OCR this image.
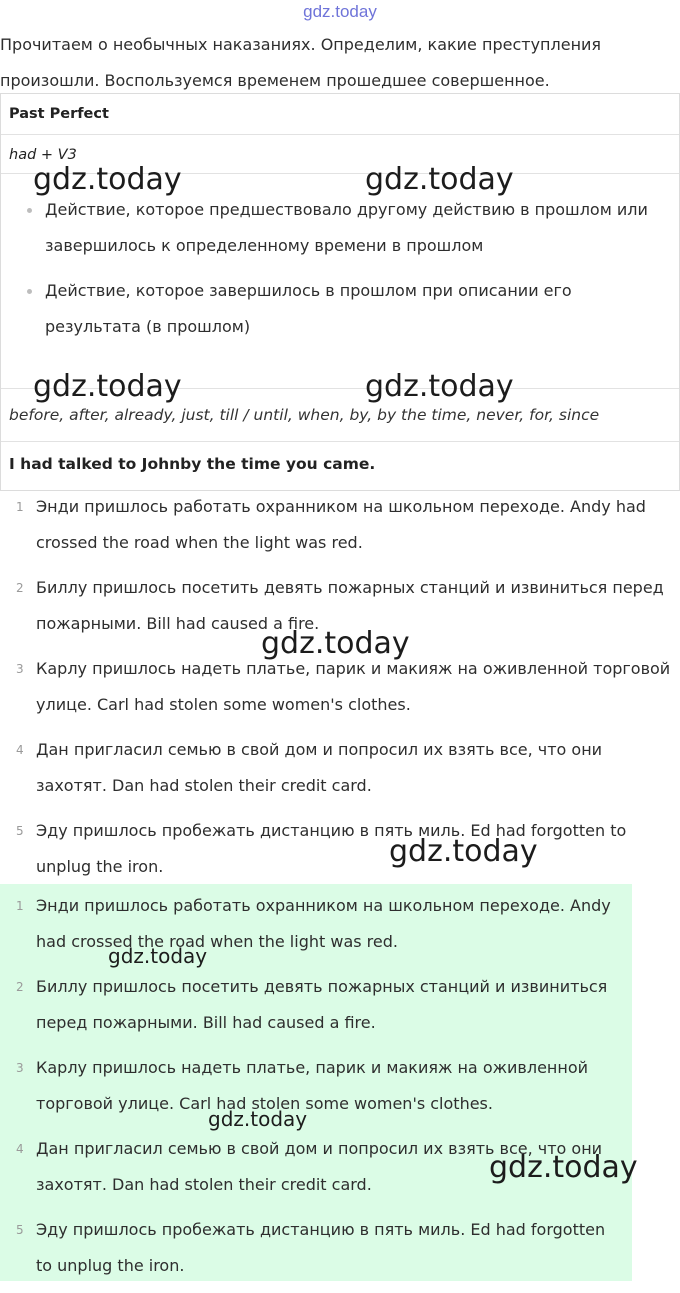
gdz.today
Прочитаем о необычных наказаниях. Определим, какие преступления произошли. Воспользуемся временем прошедшее совершенное.
Past Perfect
had + V3
Действие, которое предшествовало другому действию в прошлом или завершилось к определенному времени в прошлом
Действие, которое завершилось в прошлом при описании его результата (в прошлом)
before, after, already, just, till / until, when, by, by the time, never, for, since
I had talked to Johnby the time you came.
1 Энди пришлось работать охранником на школьном переходе. Andy had crossed the road when the light was red.
2 Биллу пришлось посетить девять пожарных станций и извиниться перед пожарными. Bill had caused a fire.
3 Карлу пришлось надеть платье, парик и макияж на оживленной торговой улице. Carl had stolen some women's clothes.
4 Дан пригласил семью в свой дом и попросил их взять все, что они захотят. Dan had stolen their credit card.
5 Эду пришлось пробежать дистанцию в пять миль. Ed had forgotten to unplug the iron.
1 Энди пришлось работать охранником на школьном переходе. Andy had crossed the road when the light was red.
2 Биллу пришлось посетить девять пожарных станций и извиниться перед пожарными. Bill had caused a fire.
3 Карлу пришлось надеть платье, парик и макияж на оживленной торговой улице. Carl had stolen some women's clothes.
4 Дан пригласил семью в свой дом и попросил их взять все, что они захотят. Dan had stolen their credit card.
5 Эду пришлось пробежать дистанцию в пять миль. Ed had forgotten to unplug the iron.
gdz.today	gdz.today
gdz.today	gdz.today
gdz.today
gdz.today
gdz.today
gdz.today
gdz.today
